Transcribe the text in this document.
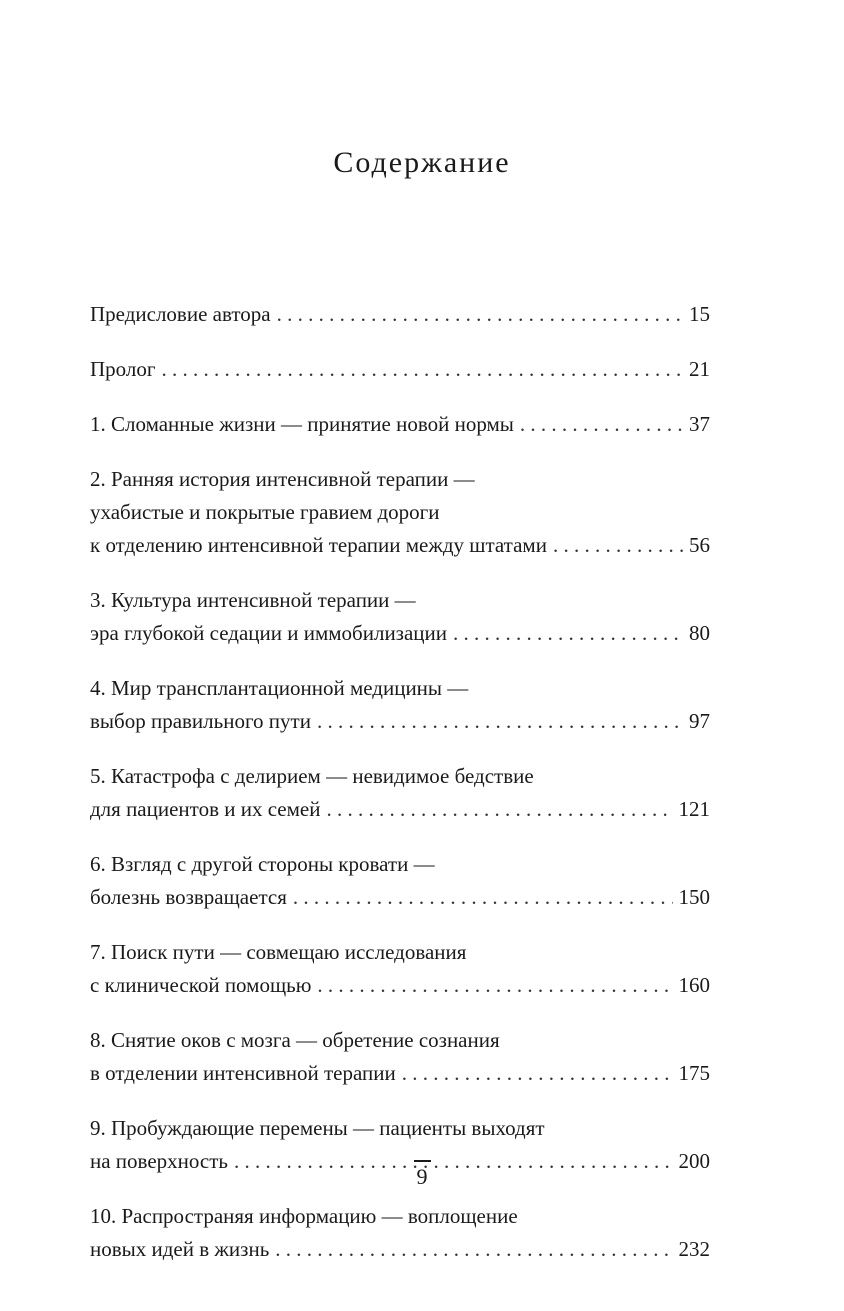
Содержание
Предисловие автора . . .	15
Пролог . . .	21
1. Сломанные жизни — принятие новой нормы . . .	37
2. Ранняя история интенсивной терапии —
ухабистые и покрытые гравием дороги
к отделению интенсивной терапии между штатами . . .	56
3. Культура интенсивной терапии —
эра глубокой седации и иммобилизации . . .	80
4. Мир трансплантационной медицины —
выбор правильного пути . . .	97
5. Катастрофа с делирием — невидимое бедствие
для пациентов и их семей . . .	121
6. Взгляд с другой стороны кровати —
болезнь возвращается . . .	150
7. Поиск пути — совмещаю исследования
с клинической помощью . . .	160
8. Снятие оков с мозга — обретение сознания
в отделении интенсивной терапии . . .	175
9. Пробуждающие перемены — пациенты выходят
на поверхность . . .	200
10. Распространяя информацию — воплощение
новых идей в жизнь . . .	232
9
